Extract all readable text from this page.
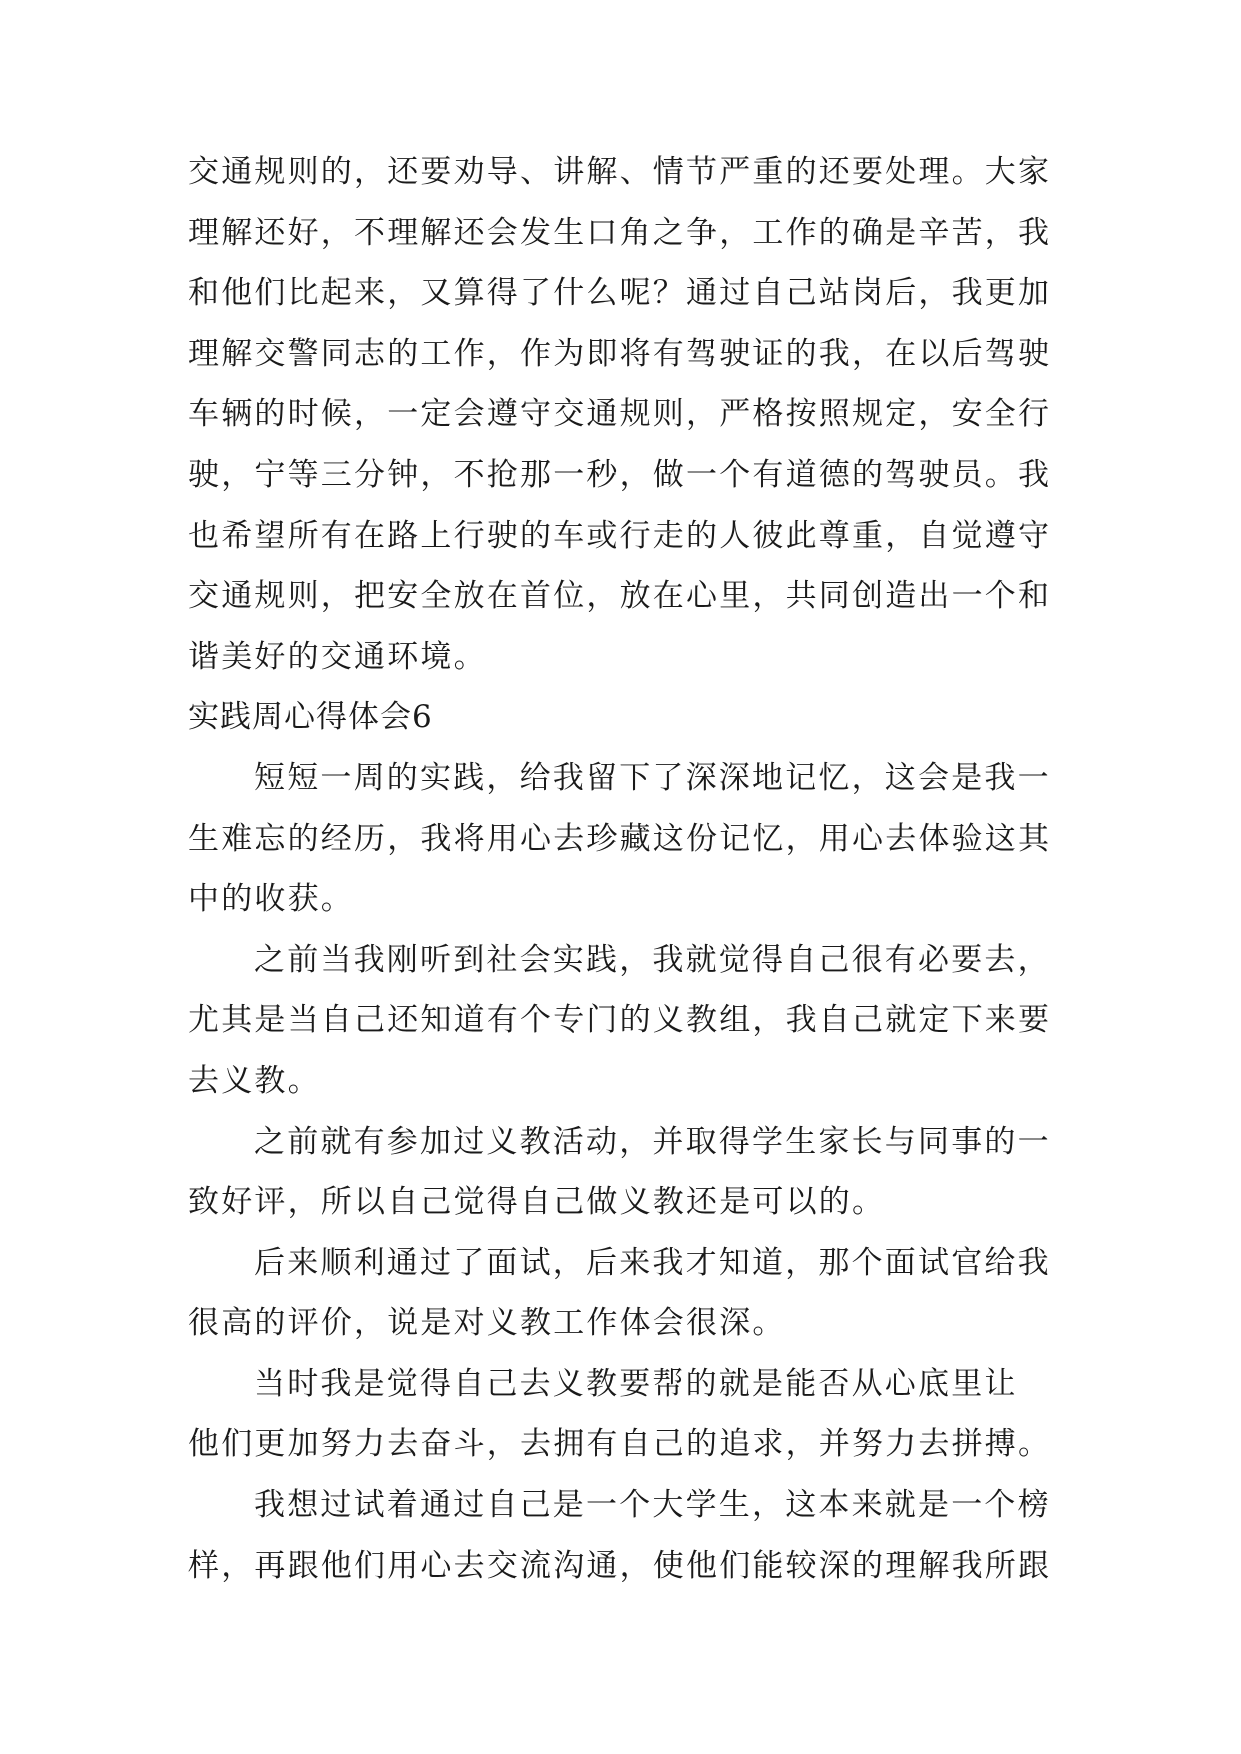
交通规则的，还要劝导、讲解、情节严重的还要处理。大家
理解还好，不理解还会发生口角之争，工作的确是辛苦，我
和他们比起来，又算得了什么呢？通过自己站岗后，我更加
理解交警同志的工作，作为即将有驾驶证的我，在以后驾驶
车辆的时候，一定会遵守交通规则，严格按照规定，安全行
驶，宁等三分钟，不抢那一秒，做一个有道德的驾驶员。我
也希望所有在路上行驶的车或行走的人彼此尊重，自觉遵守
交通规则，把安全放在首位，放在心里，共同创造出一个和
谐美好的交通环境。
实践周心得体会6
短短一周的实践，给我留下了深深地记忆，这会是我一
生难忘的经历，我将用心去珍藏这份记忆，用心去体验这其
中的收获。
之前当我刚听到社会实践，我就觉得自己很有必要去，
尤其是当自己还知道有个专门的义教组，我自己就定下来要
去义教。
之前就有参加过义教活动，并取得学生家长与同事的一
致好评，所以自己觉得自己做义教还是可以的。
后来顺利通过了面试，后来我才知道，那个面试官给我
很高的评价，说是对义教工作体会很深。
当时我是觉得自己去义教要帮的就是能否从心底里让
他们更加努力去奋斗，去拥有自己的追求，并努力去拼搏。
我想过试着通过自己是一个大学生，这本来就是一个榜
样，再跟他们用心去交流沟通，使他们能较深的理解我所跟
